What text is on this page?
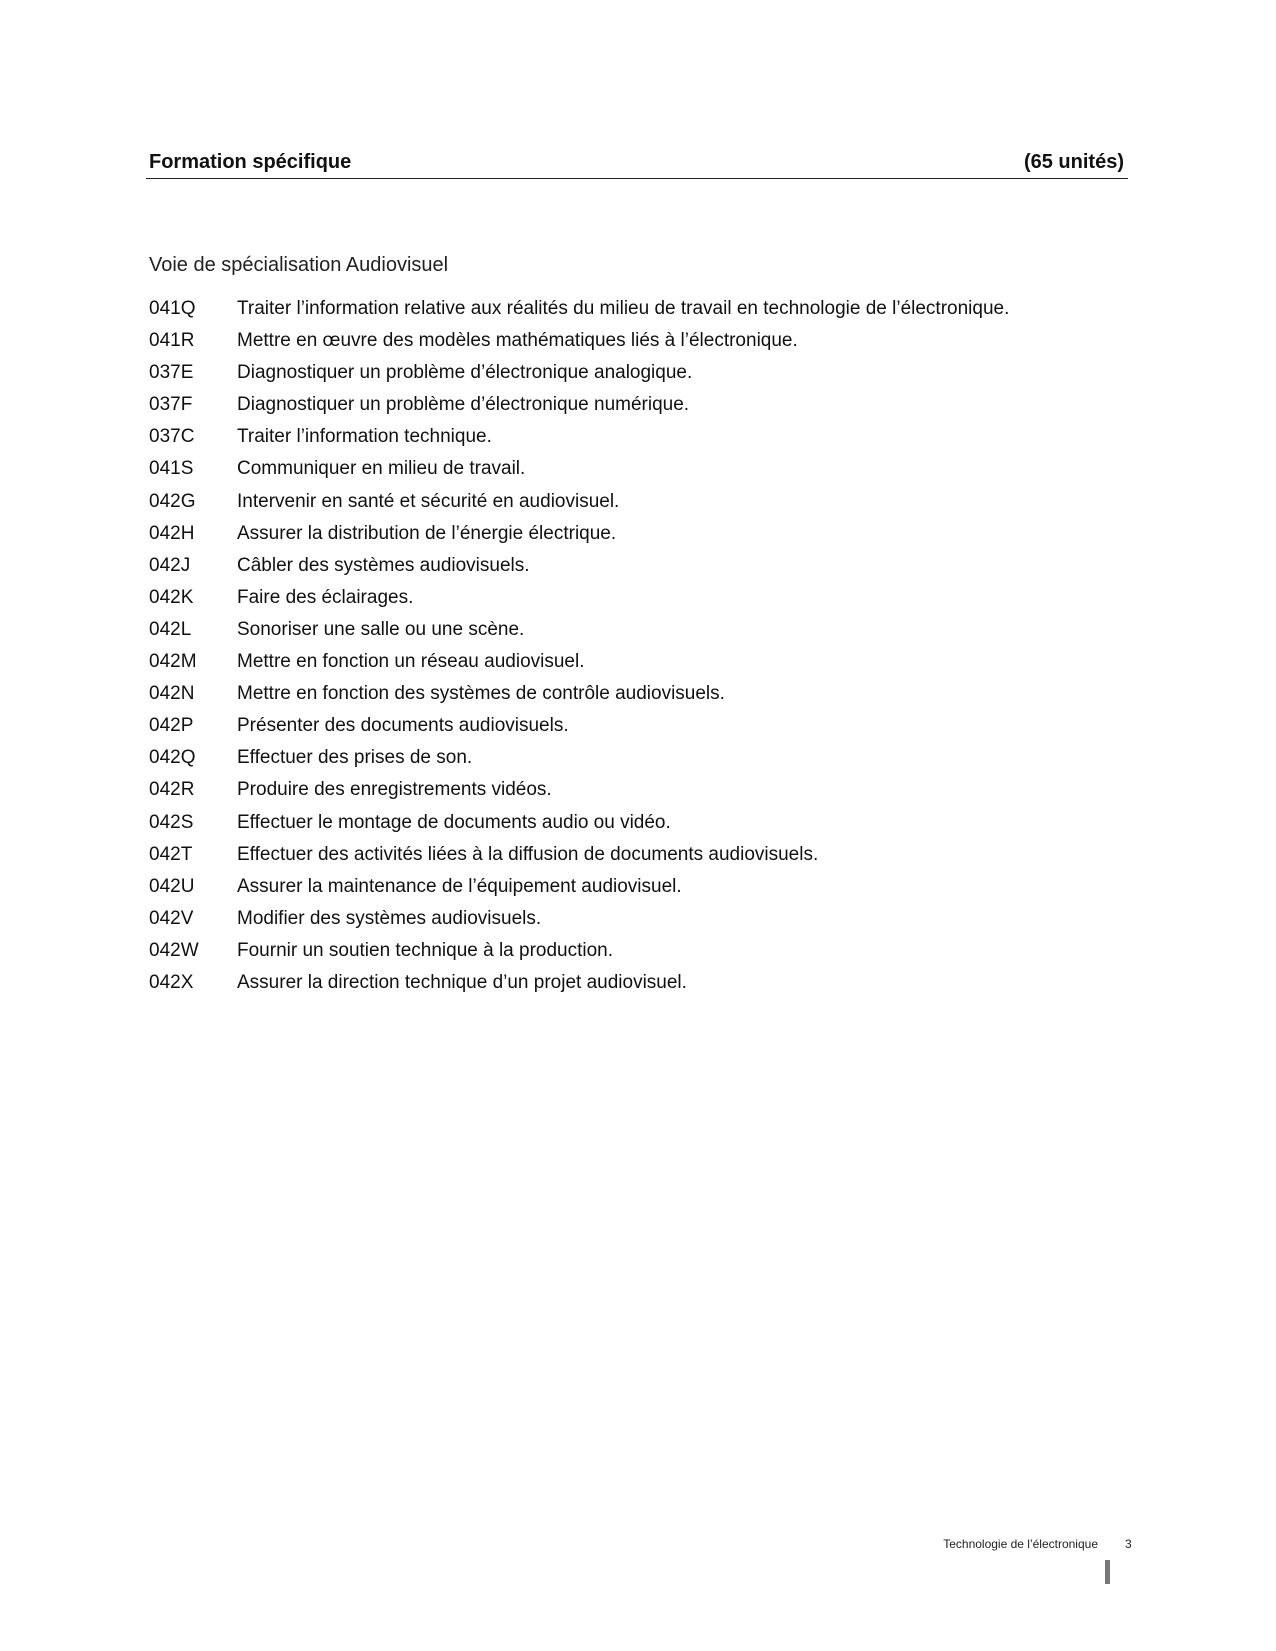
Formation spécifique	(65 unités)
Voie de spécialisation Audiovisuel
041Q	Traiter l’information relative aux réalités du milieu de travail en technologie de l’électronique.
041R	Mettre en œuvre des modèles mathématiques liés à l’électronique.
037E	Diagnostiquer un problème d’électronique analogique.
037F	Diagnostiquer un problème d’électronique numérique.
037C	Traiter l’information technique.
041S	Communiquer en milieu de travail.
042G	Intervenir en santé et sécurité en audiovisuel.
042H	Assurer la distribution de l’énergie électrique.
042J	Câbler des systèmes audiovisuels.
042K	Faire des éclairages.
042L	Sonoriser une salle ou une scène.
042M	Mettre en fonction un réseau audiovisuel.
042N	Mettre en fonction des systèmes de contrôle audiovisuels.
042P	Présenter des documents audiovisuels.
042Q	Effectuer des prises de son.
042R	Produire des enregistrements vidéos.
042S	Effectuer le montage de documents audio ou vidéo.
042T	Effectuer des activités liées à la diffusion de documents audiovisuels.
042U	Assurer la maintenance de l’équipement audiovisuel.
042V	Modifier des systèmes audiovisuels.
042W	Fournir un soutien technique à la production.
042X	Assurer la direction technique d’un projet audiovisuel.
Technologie de l’électronique 3
